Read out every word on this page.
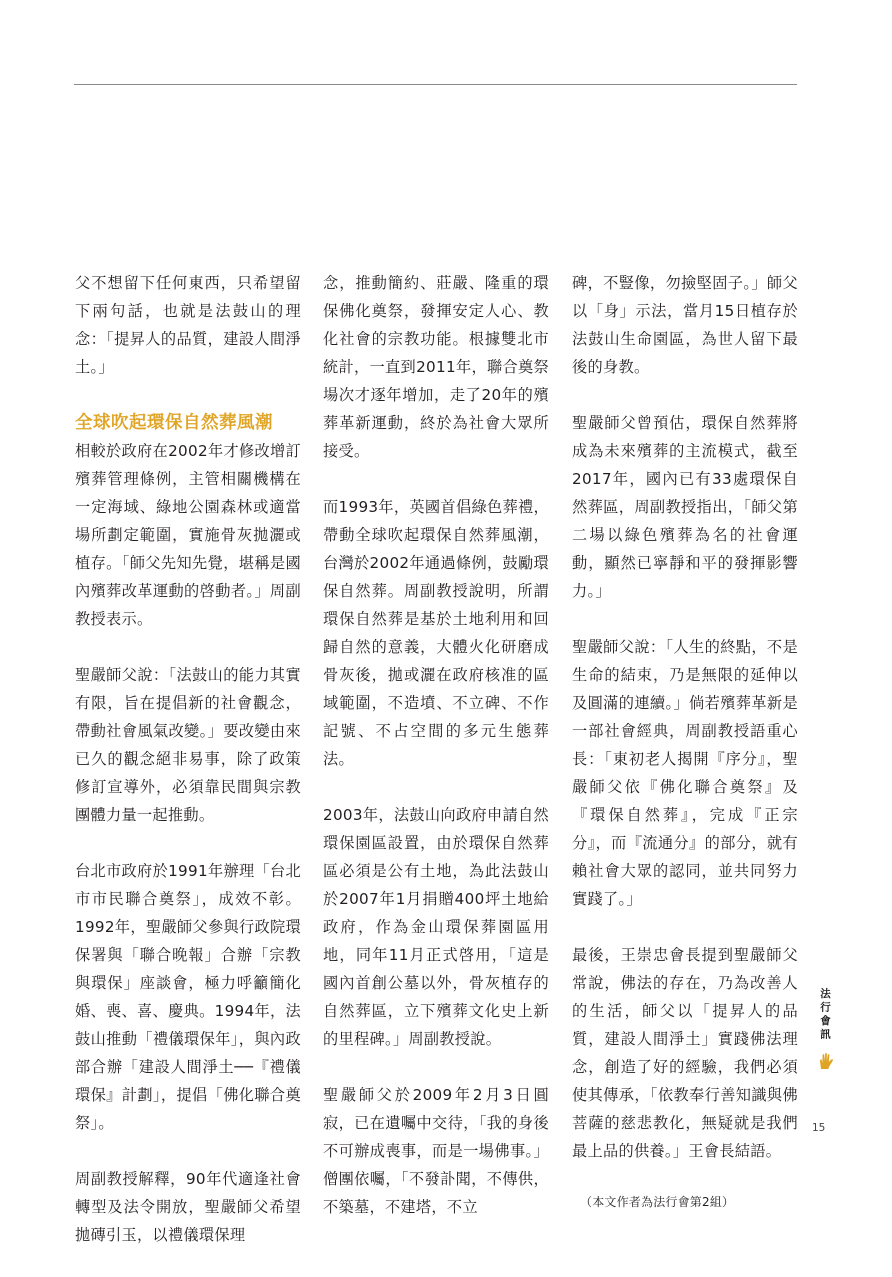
父不想留下任何東西，只希望留下兩句話，也就是法鼓山的理念：「提昇人的品質，建設人間淨土。」

全球吹起環保自然葬風潮

相較於政府在2002年才修改增訂殯葬管理條例，主管相關機構在一定海域、綠地公園森林或適當場所劃定範圍，實施骨灰拋灑或植存。「師父先知先覺，堪稱是國內殯葬改革運動的啓動者。」周副教授表示。

聖嚴師父說：「法鼓山的能力其實有限，旨在提倡新的社會觀念，帶動社會風氣改變。」要改變由來已久的觀念絕非易事，除了政策修訂宣導外，必須靠民間與宗教團體力量一起推動。

台北市政府於1991年辦理「台北市市民聯合奠祭」，成效不彰。1992年，聖嚴師父參與行政院環保署與「聯合晚報」合辦「宗教與環保」座談會，極力呼籲簡化婚、喪、喜、慶典。1994年，法鼓山推動「禮儀環保年」，與內政部合辦「建設人間淨土──『禮儀環保』計劃」，提倡「佛化聯合奠祭」。

周副教授解釋，90年代適逢社會轉型及法令開放，聖嚴師父希望拋磚引玉，以禮儀環保理

念，推動簡約、莊嚴、隆重的環保佛化奠祭，發揮安定人心、教化社會的宗教功能。根據雙北市統計，一直到2011年，聯合奠祭場次才逐年增加，走了20年的殯葬革新運動，終於為社會大眾所接受。

而1993年，英國首倡綠色葬禮，帶動全球吹起環保自然葬風潮，台灣於2002年通過條例，鼓勵環保自然葬。周副教授說明，所謂環保自然葬是基於土地利用和回歸自然的意義，大體火化研磨成骨灰後，拋或灑在政府核准的區域範圍，不造墳、不立碑、不作記號、不占空間的多元生態葬法。

2003年，法鼓山向政府申請自然環保園區設置，由於環保自然葬區必須是公有土地，為此法鼓山於2007年1月捐贈400坪土地給政府，作為金山環保葬園區用地，同年11月正式啓用，「這是國內首創公墓以外，骨灰植存的自然葬區，立下殯葬文化史上新的里程碑。」周副教授說。

聖嚴師父於2009年2月3日圓寂，已在遺囑中交待，「我的身後不可辦成喪事，而是一場佛事。」僧團依囑，「不發訃聞，不傳供，不築墓，不建塔，不立

碑，不豎像，勿撿堅固子。」師父以「身」示法，當月15日植存於法鼓山生命園區，為世人留下最後的身教。

聖嚴師父曾預估，環保自然葬將成為未來殯葬的主流模式，截至2017年，國內已有33處環保自然葬區，周副教授指出，「師父第二場以綠色殯葬為名的社會運動，顯然已寧靜和平的發揮影響力。」

聖嚴師父說：「人生的終點，不是生命的結束，乃是無限的延伸以及圓滿的連續。」倘若殯葬革新是一部社會經典，周副教授語重心長：「東初老人揭開『序分』，聖嚴師父依『佛化聯合奠祭』及『環保自然葬』，完成『正宗分』，而『流通分』的部分，就有賴社會大眾的認同，並共同努力實踐了。」

最後，王崇忠會長提到聖嚴師父常說，佛法的存在，乃為改善人的生活，師父以「提昇人的品質，建設人間淨土」實踐佛法理念，創造了好的經驗，我們必須使其傳承，「依教奉行善知識與佛菩薩的慈悲教化，無疑就是我們最上品的供養。」王會長結語。

（本文作者為法行會第2組）
法行會訊
15
